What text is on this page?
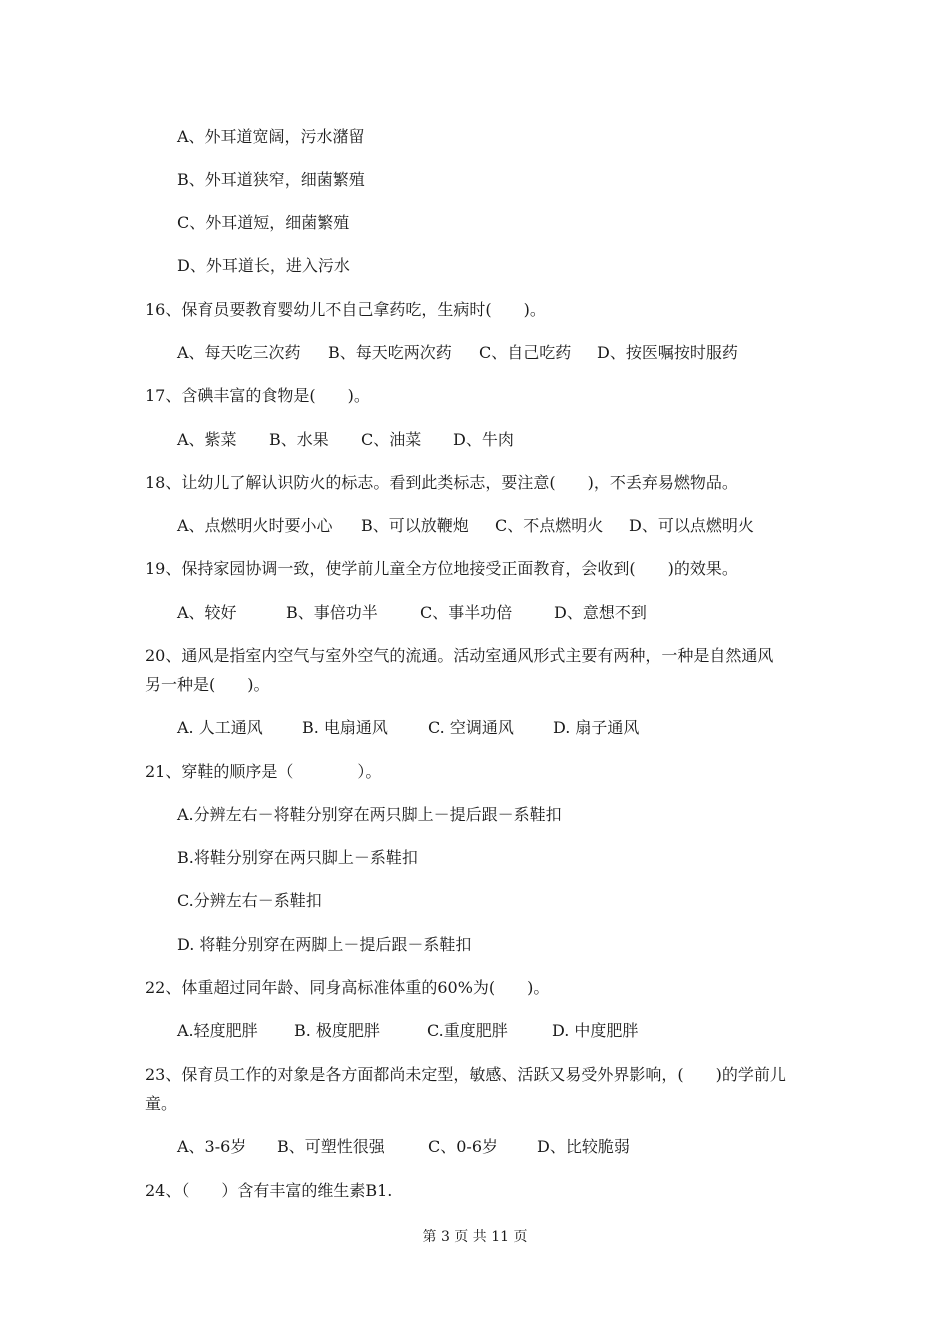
A、外耳道宽阔，污水潴留
B、外耳道狭窄，细菌繁殖
C、外耳道短，细菌繁殖
D、外耳道长，进入污水
16、保育员要教育婴幼儿不自己拿药吃，生病时(　　)。
A、每天吃三次药	B、每天吃两次药	C、自己吃药	D、按医嘱按时服药
17、含碘丰富的食物是(　　)。
A、紫菜	B、水果	C、油菜	D、牛肉
18、让幼儿了解认识防火的标志。看到此类标志，要注意(　　)，不丢弃易燃物品。
A、点燃明火时要小心	B、可以放鞭炮	C、不点燃明火	D、可以点燃明火
19、保持家园协调一致，使学前儿童全方位地接受正面教育，会收到(　　)的效果。
A、较好	B、事倍功半	C、事半功倍	D、意想不到
20、通风是指室内空气与室外空气的流通。活动室通风形式主要有两种，一种是自然通风
另一种是(　　)。
A. 人工通风	B. 电扇通风	C. 空调通风	D. 扇子通风
21、穿鞋的顺序是（　　　　）。
A.分辨左右－将鞋分别穿在两只脚上－提后跟－系鞋扣
B.将鞋分别穿在两只脚上－系鞋扣
C.分辨左右－系鞋扣
D. 将鞋分别穿在两脚上－提后跟－系鞋扣
22、体重超过同年龄、同身高标准体重的60%为(　　)。
A.轻度肥胖	B. 极度肥胖	C.重度肥胖	D. 中度肥胖
23、保育员工作的对象是各方面都尚未定型，敏感、活跃又易受外界影响，(　　)的学前儿
童。
A、3-6岁	B、可塑性很强	C、0-6岁	D、比较脆弱
24、（　　）含有丰富的维生素B1.
第 3 页 共 11 页
